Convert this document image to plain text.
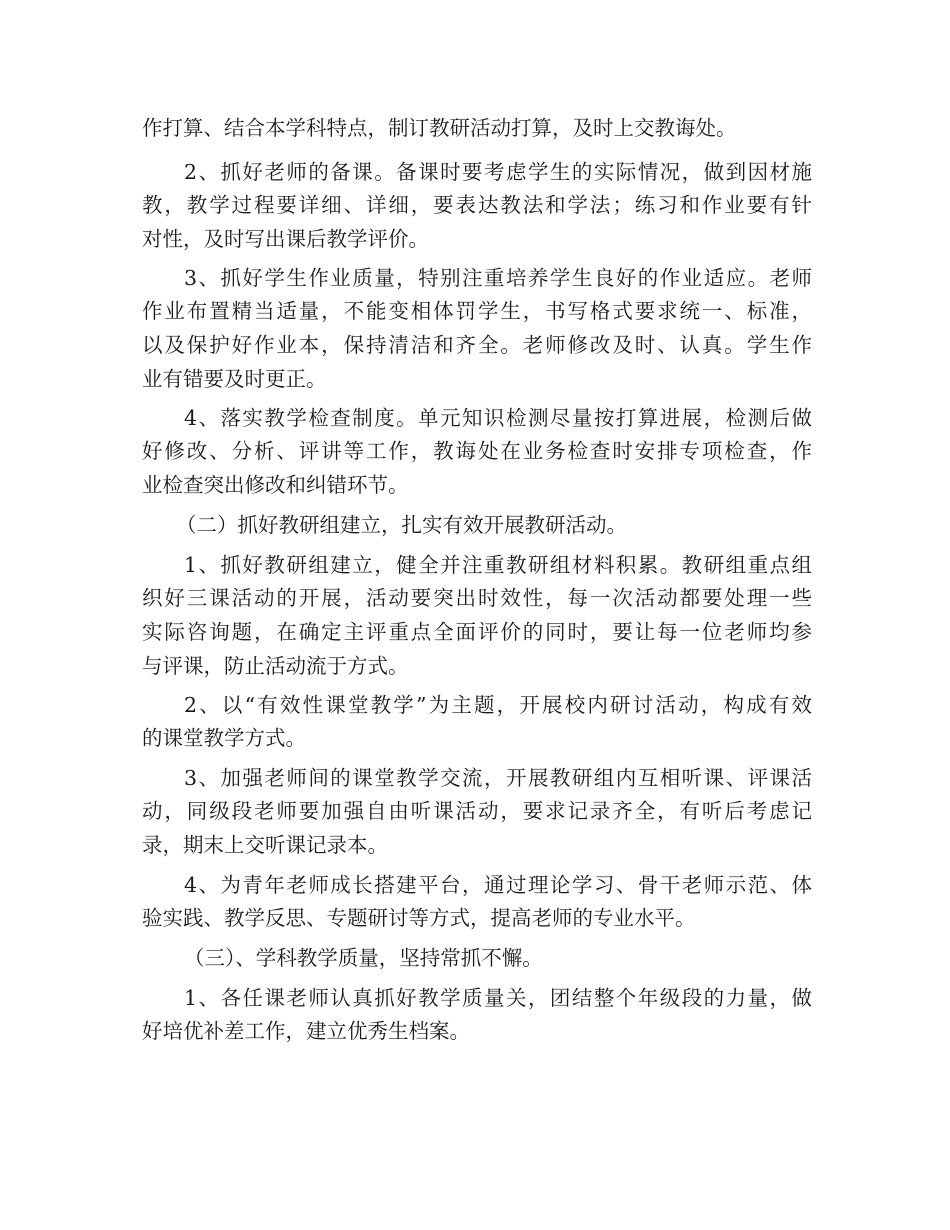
作打算、结合本学科特点，制订教研活动打算，及时上交教诲处。
2、抓好老师的备课。备课时要考虑学生的实际情况，做到因材施
教，教学过程要详细、详细，要表达教法和学法；练习和作业要有针
对性，及时写出课后教学评价。
3、抓好学生作业质量，特别注重培养学生良好的作业适应。老师
作业布置精当适量，不能变相体罚学生，书写格式要求统一、标准，
以及保护好作业本，保持清洁和齐全。老师修改及时、认真。学生作
业有错要及时更正。
4、落实教学检查制度。单元知识检测尽量按打算进展，检测后做
好修改、分析、评讲等工作，教诲处在业务检查时安排专项检查，作
业检查突出修改和纠错环节。
（二）抓好教研组建立，扎实有效开展教研活动。
1、抓好教研组建立，健全并注重教研组材料积累。教研组重点组
织好三课活动的开展，活动要突出时效性，每一次活动都要处理一些
实际咨询题，在确定主评重点全面评价的同时，要让每一位老师均参
与评课，防止活动流于方式。
2、以“有效性课堂教学”为主题，开展校内研讨活动，构成有效
的课堂教学方式。
3、加强老师间的课堂教学交流，开展教研组内互相听课、评课活
动，同级段老师要加强自由听课活动，要求记录齐全，有听后考虑记
录，期末上交听课记录本。
4、为青年老师成长搭建平台，通过理论学习、骨干老师示范、体
验实践、教学反思、专题研讨等方式，提高老师的专业水平。
（三）、学科教学质量，坚持常抓不懈。
1、各任课老师认真抓好教学质量关，团结整个年级段的力量，做
好培优补差工作，建立优秀生档案。
